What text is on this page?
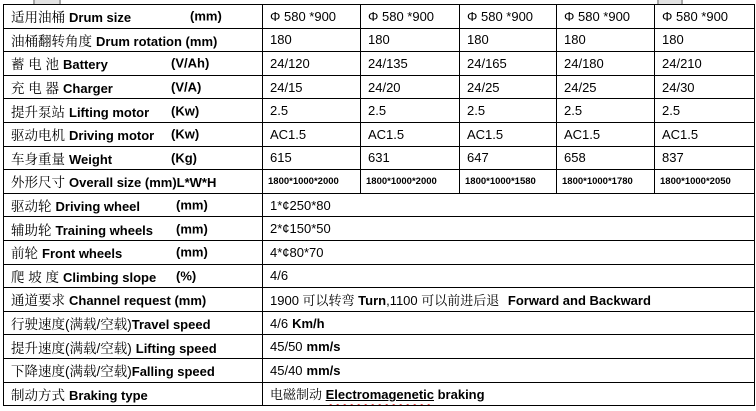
适用油桶 Drum size (mm)	Φ 580 *900	Φ 580 *900	Φ 580 *900	Φ 580 *900	Φ 580 *900
油桶翻转角度 Drum rotation (mm)	180	180	180	180	180
蓄 电 池 Battery (V/Ah)	24/120	24/135	24/165	24/180	24/210
充 电 器 Charger (V/A)	24/15	24/20	24/25	24/25	24/30
提升泵站 Lifting motor (Kw)	2.5	2.5	2.5	2.5	2.5
驱动电机 Driving motor (Kw)	AC1.5	AC1.5	AC1.5	AC1.5	AC1.5
车身重量 Weight (Kg)	615	631	647	658	837
外形尺寸 Overall size (mm)L*W*H	1800*1000*2000	1800*1000*2000	1800*1000*1580	1800*1000*1780	1800*1000*2050
驱动轮 Driving wheel (mm)	1*¢250*80				
辅助轮 Training wheels (mm)	2*¢150*50				
前轮 Front wheels (mm)	4*¢80*70				
爬 坡 度 Climbing slope (%)	4/6				
通道要求 Channel request (mm)	1900 可以转弯 Turn,1100 可以前进后退 Forward and Backward				
行驶速度(满载/空载)Travel speed	4/6 Km/h				
提升速度(满载/空载) Lifting speed	45/50 mm/s				
下降速度(满载/空载)Falling speed	45/40 mm/s				
制动方式 Braking type	电磁制动 Electromagenetic braking				
